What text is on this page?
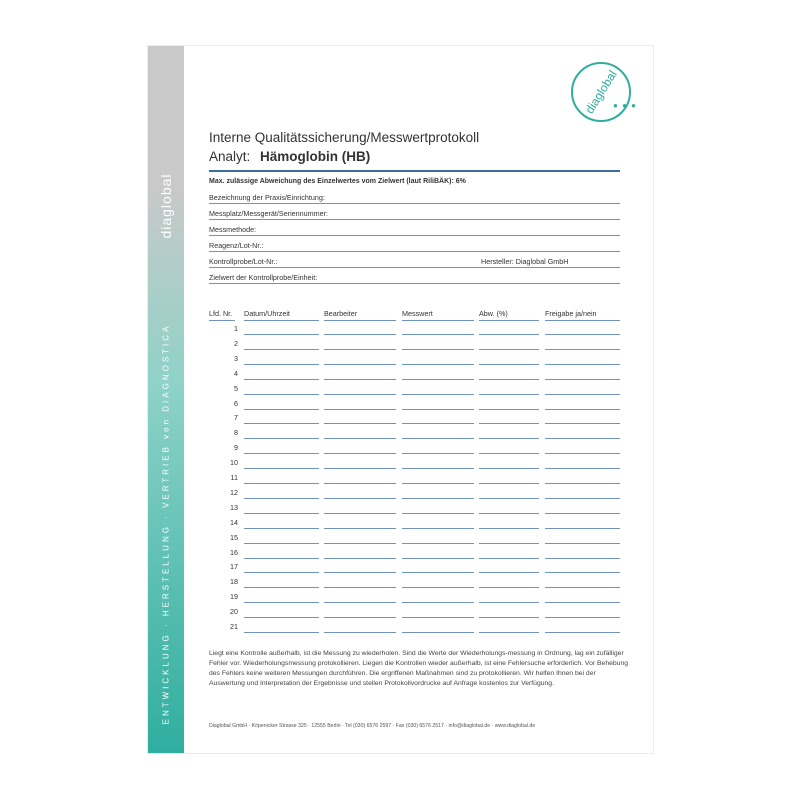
diaglobal
ENTWICKLUNG · HERSTELLUNG · VERTRIEB von DIAGNOSTICA
diaglobal
● ● ●
Interne Qualitätssicherung/Messwertprotokoll
Analyt: Hämoglobin (HB)
Max. zulässige Abweichung des Einzelwertes vom Zielwert (laut RiliBÄK): 6%
Bezeichnung der Praxis/Einrichtung:
Messplatz/Messgerät/Seriennummer:
Messmethode:
Reagenz/Lot-Nr.:
Kontrollprobe/Lot-Nr.:	Hersteller: Diaglobal GmbH
Zielwert der Kontrollprobe/Einheit:
Lfd. Nr. Datum/Uhrzeit	Bearbeiter	Messwert	Abw. (%)	Freigabe ja/nein
1
2
3
4
5
6
7
8
9
10
11
12
13
14
15
16
17
18
19
20
21
Liegt eine Kontrolle außerhalb, ist die Messung zu wiederholen. Sind die Werte der Wiederholungs-messung in Ordnung, lag ein zufälliger Fehler vor. Wiederholungsmessung protokollieren. Liegen die Kontrollen wieder außerhalb, ist eine Fehlersuche erforderlich. Vor Behebung des Fehlers keine weiteren Messungen durchführen. Die ergriffenen Maßnahmen sind zu protokollieren. Wir helfen Ihnen bei der Auswertung und Interpretation der Ergebnisse und stellen Protokollvordrucke auf Anfrage kostenlos zur Verfügung.
Diaglobal GmbH · Köpenicker Strasse 325 · 12555 Berlin · Tel (030) 6576 2597 · Fax (030) 6576 2517 · info@diaglobal.de · www.diaglobal.de
